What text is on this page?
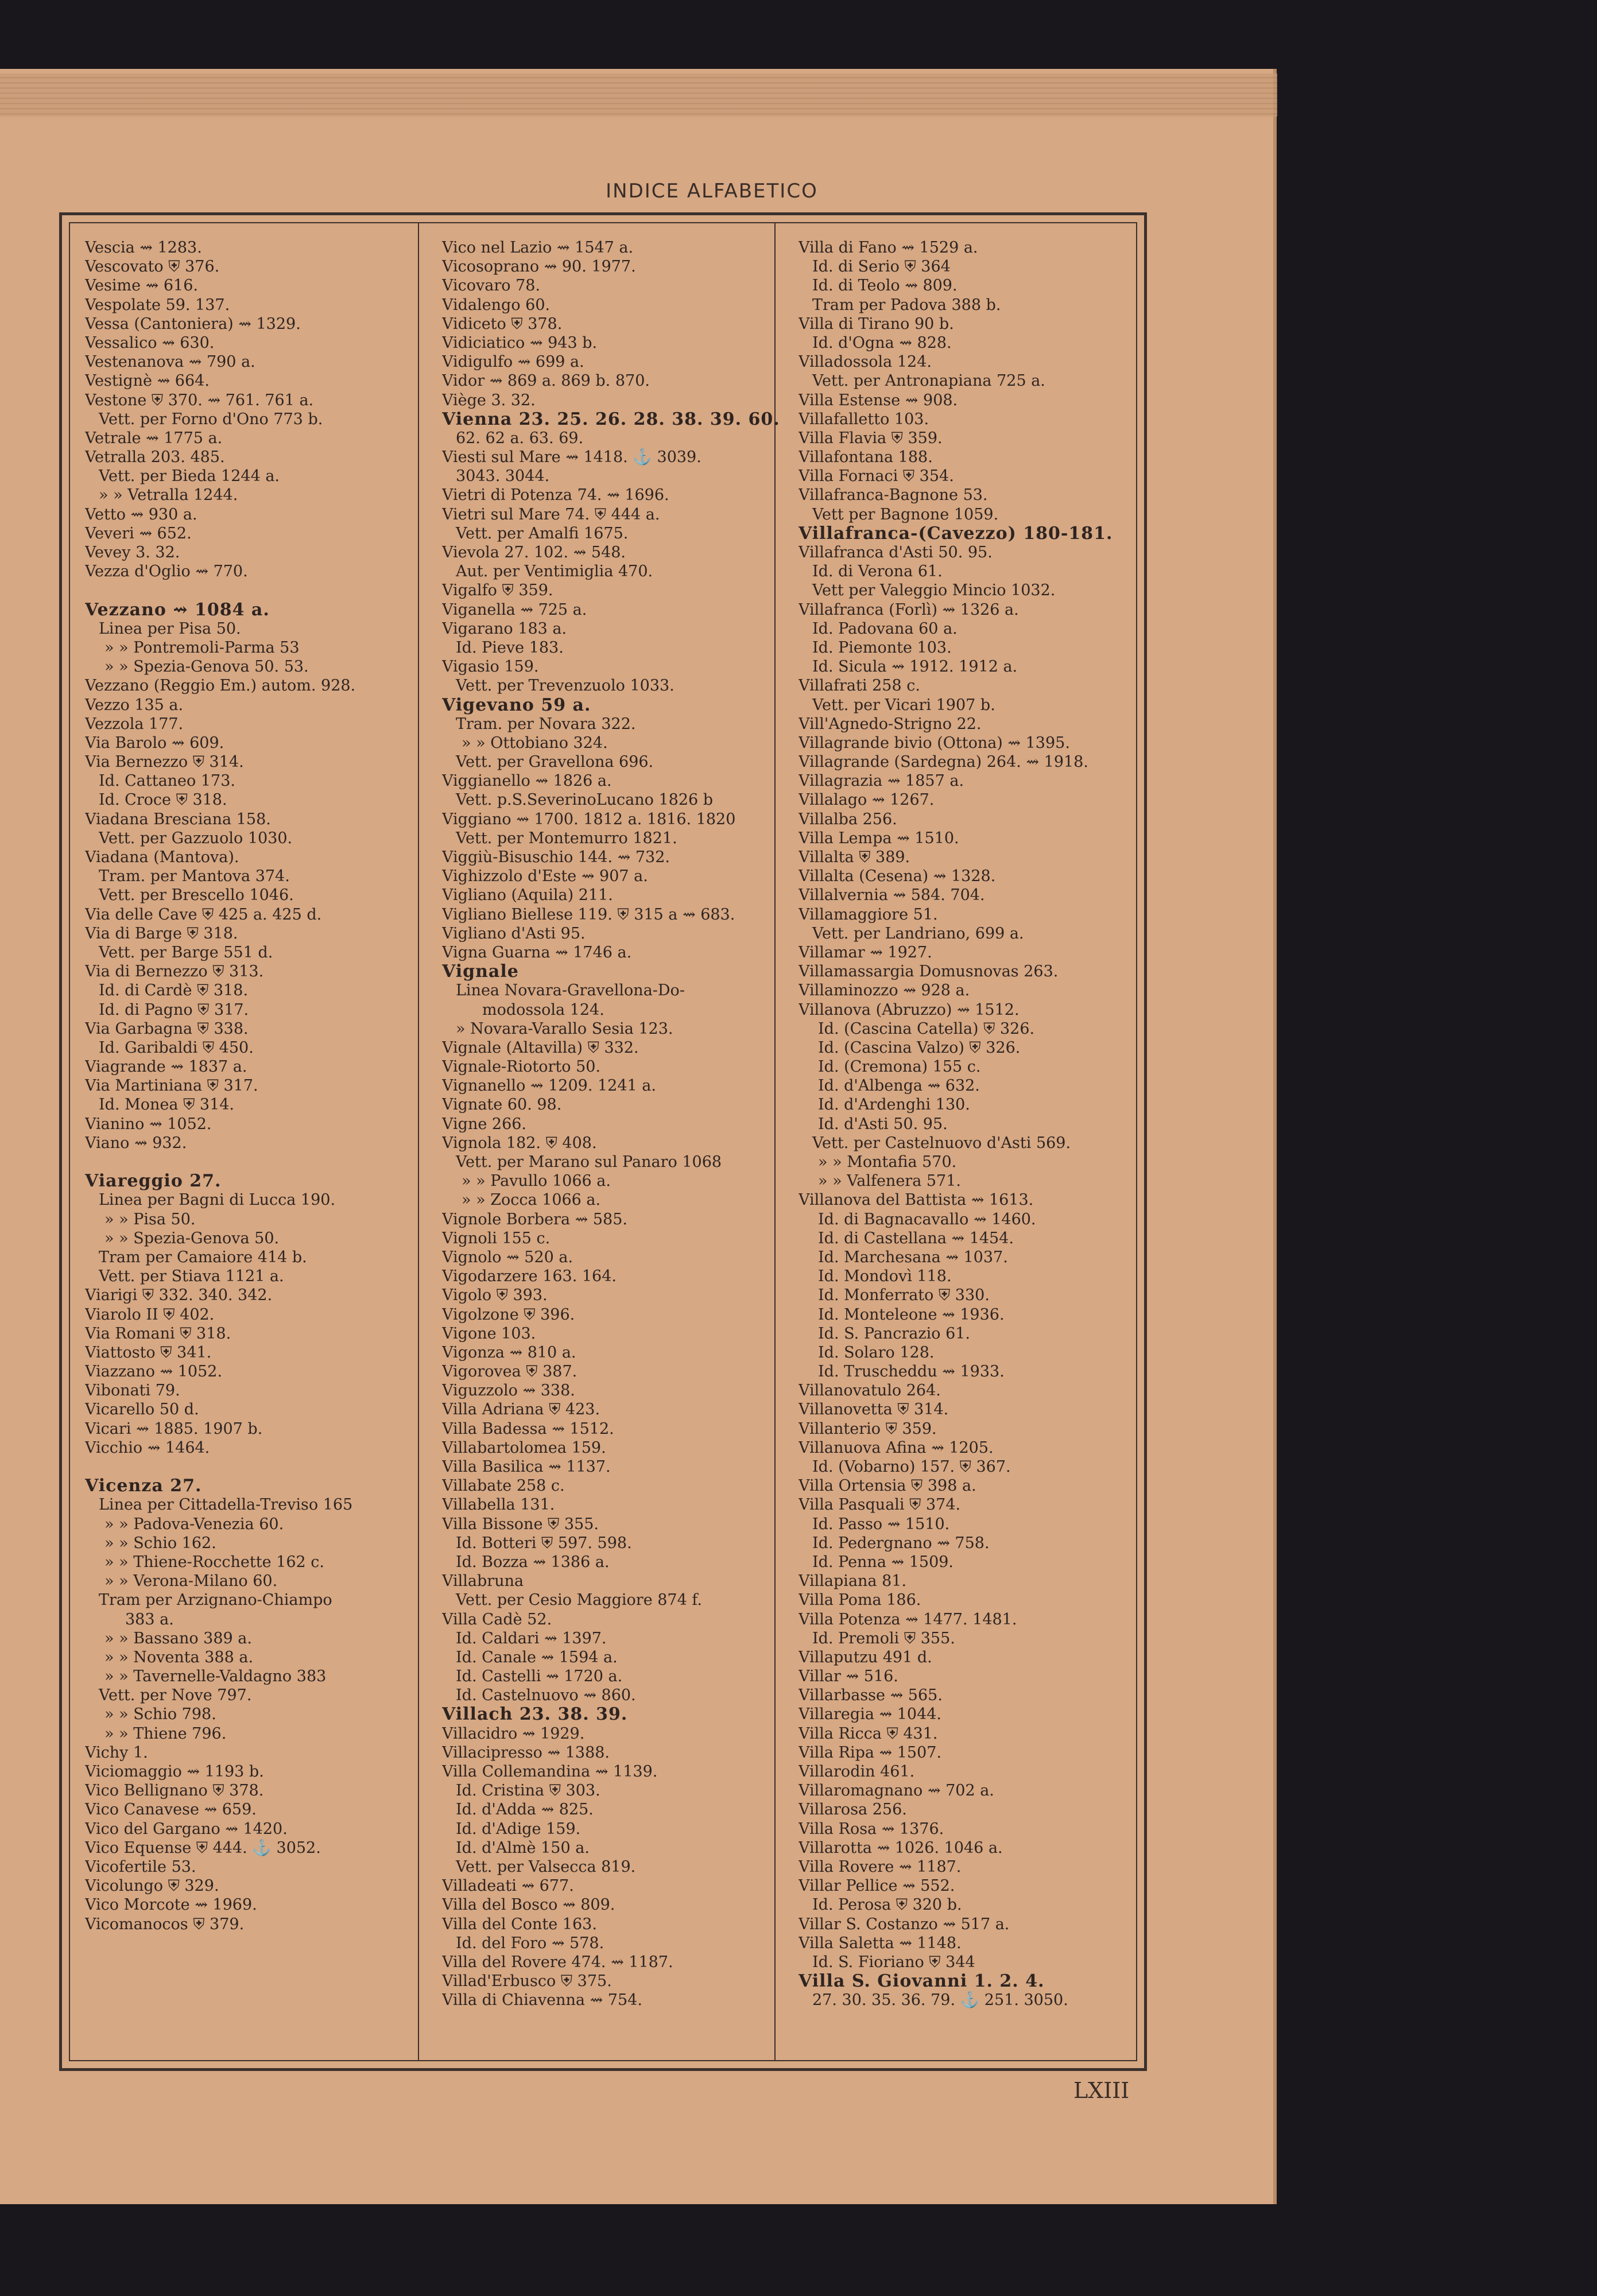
INDICE ALFABETICO
Vescia ⇝ 1283.
Vescovato ⛨ 376.
Vesime ⇝ 616.
Vespolate 59. 137.
Vessa (Cantoniera) ⇝ 1329.
Vessalico ⇝ 630.
Vestenanova ⇝ 790 a.
Vestignè ⇝ 664.
Vestone ⛨ 370. ⇝ 761. 761 a.
Vett. per Forno d'Ono 773 b.
Vetrale ⇝ 1775 a.
Vetralla 203. 485.
Vett. per Bieda 1244 a.
» » Vetralla 1244.
Vetto ⇝ 930 a.
Veveri ⇝ 652.
Vevey 3. 32.
Vezza d'Oglio ⇝ 770.
Vezzano ⇝ 1084 a.
Linea per Pisa 50.
» » Pontremoli-Parma 53
» » Spezia-Genova 50. 53.
Vezzano (Reggio Em.) autom. 928.
Vezzo 135 a.
Vezzola 177.
Via Barolo ⇝ 609.
Via Bernezzo ⛨ 314.
Id. Cattaneo 173.
Id. Croce ⛨ 318.
Viadana Bresciana 158.
Vett. per Gazzuolo 1030.
Viadana (Mantova).
Tram. per Mantova 374.
Vett. per Brescello 1046.
Via delle Cave ⛨ 425 a. 425 d.
Via di Barge ⛨ 318.
Vett. per Barge 551 d.
Via di Bernezzo ⛨ 313.
Id. di Cardè ⛨ 318.
Id. di Pagno ⛨ 317.
Via Garbagna ⛨ 338.
Id. Garibaldi ⛨ 450.
Viagrande ⇝ 1837 a.
Via Martiniana ⛨ 317.
Id. Monea ⛨ 314.
Vianino ⇝ 1052.
Viano ⇝ 932.
Viareggio 27.
Linea per Bagni di Lucca 190.
» » Pisa 50.
» » Spezia-Genova 50.
Tram per Camaiore 414 b.
Vett. per Stiava 1121 a.
Viarigi ⛨ 332. 340. 342.
Viarolo II ⛨ 402.
Via Romani ⛨ 318.
Viattosto ⛨ 341.
Viazzano ⇝ 1052.
Vibonati 79.
Vicarello 50 d.
Vicari ⇝ 1885. 1907 b.
Vicchio ⇝ 1464.
Vicenza 27.
Linea per Cittadella-Treviso 165
» » Padova-Venezia 60.
» » Schio 162.
» » Thiene-Rocchette 162 c.
» » Verona-Milano 60.
Tram per Arzignano-Chiampo
383 a.
» » Bassano 389 a.
» » Noventa 388 a.
» » Tavernelle-Valdagno 383
Vett. per Nove 797.
» » Schio 798.
» » Thiene 796.
Vichy 1.
Viciomaggio ⇝ 1193 b.
Vico Bellignano ⛨ 378.
Vico Canavese ⇝ 659.
Vico del Gargano ⇝ 1420.
Vico Equense ⛨ 444. ⚓ 3052.
Vicofertile 53.
Vicolungo ⛨ 329.
Vico Morcote ⇝ 1969.
Vicomanocos ⛨ 379.
Vico nel Lazio ⇝ 1547 a.
Vicosoprano ⇝ 90. 1977.
Vicovaro 78.
Vidalengo 60.
Vidiceto ⛨ 378.
Vidiciatico ⇝ 943 b.
Vidigulfo ⇝ 699 a.
Vidor ⇝ 869 a. 869 b. 870.
Viège 3. 32.
Vienna 23. 25. 26. 28. 38. 39. 60.
62. 62 a. 63. 69.
Viesti sul Mare ⇝ 1418. ⚓ 3039.
3043. 3044.
Vietri di Potenza 74. ⇝ 1696.
Vietri sul Mare 74. ⛨ 444 a.
Vett. per Amalfi 1675.
Vievola 27. 102. ⇝ 548.
Aut. per Ventimiglia 470.
Vigalfo ⛨ 359.
Viganella ⇝ 725 a.
Vigarano 183 a.
Id. Pieve 183.
Vigasio 159.
Vett. per Trevenzuolo 1033.
Vigevano 59 a.
Tram. per Novara 322.
» » Ottobiano 324.
Vett. per Gravellona 696.
Viggianello ⇝ 1826 a.
Vett. p.S.SeverinoLucano 1826 b
Viggiano ⇝ 1700. 1812 a. 1816. 1820
Vett. per Montemurro 1821.
Viggiù-Bisuschio 144. ⇝ 732.
Vighizzolo d'Este ⇝ 907 a.
Vigliano (Aquila) 211.
Vigliano Biellese 119. ⛨ 315 a ⇝ 683.
Vigliano d'Asti 95.
Vigna Guarna ⇝ 1746 a.
Vignale
Linea Novara-Gravellona-Do-
modossola 124.
» Novara-Varallo Sesia 123.
Vignale (Altavilla) ⛨ 332.
Vignale-Riotorto 50.
Vignanello ⇝ 1209. 1241 a.
Vignate 60. 98.
Vigne 266.
Vignola 182. ⛨ 408.
Vett. per Marano sul Panaro 1068
» » Pavullo 1066 a.
» » Zocca 1066 a.
Vignole Borbera ⇝ 585.
Vignoli 155 c.
Vignolo ⇝ 520 a.
Vigodarzere 163. 164.
Vigolo ⛨ 393.
Vigolzone ⛨ 396.
Vigone 103.
Vigonza ⇝ 810 a.
Vigorovea ⛨ 387.
Viguzzolo ⇝ 338.
Villa Adriana ⛨ 423.
Villa Badessa ⇝ 1512.
Villabartolomea 159.
Villa Basilica ⇝ 1137.
Villabate 258 c.
Villabella 131.
Villa Bissone ⛨ 355.
Id. Botteri ⛨ 597. 598.
Id. Bozza ⇝ 1386 a.
Villabruna
Vett. per Cesio Maggiore 874 f.
Villa Cadè 52.
Id. Caldari ⇝ 1397.
Id. Canale ⇝ 1594 a.
Id. Castelli ⇝ 1720 a.
Id. Castelnuovo ⇝ 860.
Villach 23. 38. 39.
Villacidro ⇝ 1929.
Villacipresso ⇝ 1388.
Villa Collemandina ⇝ 1139.
Id. Cristina ⛨ 303.
Id. d'Adda ⇝ 825.
Id. d'Adige 159.
Id. d'Almè 150 a.
Vett. per Valsecca 819.
Villadeati ⇝ 677.
Villa del Bosco ⇝ 809.
Villa del Conte 163.
Id. del Foro ⇝ 578.
Villa del Rovere 474. ⇝ 1187.
Villad'Erbusco ⛨ 375.
Villa di Chiavenna ⇝ 754.
Villa di Fano ⇝ 1529 a.
Id. di Serio ⛨ 364
Id. di Teolo ⇝ 809.
Tram per Padova 388 b.
Villa di Tirano 90 b.
Id. d'Ogna ⇝ 828.
Villadossola 124.
Vett. per Antronapiana 725 a.
Villa Estense ⇝ 908.
Villafalletto 103.
Villa Flavia ⛨ 359.
Villafontana 188.
Villa Fornaci ⛨ 354.
Villafranca-Bagnone 53.
Vett per Bagnone 1059.
Villafranca-(Cavezzo) 180-181.
Villafranca d'Asti 50. 95.
Id. di Verona 61.
Vett per Valeggio Mincio 1032.
Villafranca (Forlì) ⇝ 1326 a.
Id. Padovana 60 a.
Id. Piemonte 103.
Id. Sicula ⇝ 1912. 1912 a.
Villafrati 258 c.
Vett. per Vicari 1907 b.
Vill'Agnedo-Strigno 22.
Villagrande bivio (Ottona) ⇝ 1395.
Villagrande (Sardegna) 264. ⇝ 1918.
Villagrazia ⇝ 1857 a.
Villalago ⇝ 1267.
Villalba 256.
Villa Lempa ⇝ 1510.
Villalta ⛨ 389.
Villalta (Cesena) ⇝ 1328.
Villalvernia ⇝ 584. 704.
Villamaggiore 51.
Vett. per Landriano, 699 a.
Villamar ⇝ 1927.
Villamassargia Domusnovas 263.
Villaminozzo ⇝ 928 a.
Villanova (Abruzzo) ⇝ 1512.
Id. (Cascina Catella) ⛨ 326.
Id. (Cascina Valzo) ⛨ 326.
Id. (Cremona) 155 c.
Id. d'Albenga ⇝ 632.
Id. d'Ardenghi 130.
Id. d'Asti 50. 95.
Vett. per Castelnuovo d'Asti 569.
» » Montafia 570.
» » Valfenera 571.
Villanova del Battista ⇝ 1613.
Id. di Bagnacavallo ⇝ 1460.
Id. di Castellana ⇝ 1454.
Id. Marchesana ⇝ 1037.
Id. Mondovì 118.
Id. Monferrato ⛨ 330.
Id. Monteleone ⇝ 1936.
Id. S. Pancrazio 61.
Id. Solaro 128.
Id. Truscheddu ⇝ 1933.
Villanovatulo 264.
Villanovetta ⛨ 314.
Villanterio ⛨ 359.
Villanuova Afina ⇝ 1205.
Id. (Vobarno) 157. ⛨ 367.
Villa Ortensia ⛨ 398 a.
Villa Pasquali ⛨ 374.
Id. Passo ⇝ 1510.
Id. Pedergnano ⇝ 758.
Id. Penna ⇝ 1509.
Villapiana 81.
Villa Poma 186.
Villa Potenza ⇝ 1477. 1481.
Id. Premoli ⛨ 355.
Villaputzu 491 d.
Villar ⇝ 516.
Villarbasse ⇝ 565.
Villaregia ⇝ 1044.
Villa Ricca ⛨ 431.
Villa Ripa ⇝ 1507.
Villarodin 461.
Villaromagnano ⇝ 702 a.
Villarosa 256.
Villa Rosa ⇝ 1376.
Villarotta ⇝ 1026. 1046 a.
Villa Rovere ⇝ 1187.
Villar Pellice ⇝ 552.
Id. Perosa ⛨ 320 b.
Villar S. Costanzo ⇝ 517 a.
Villa Saletta ⇝ 1148.
Id. S. Fioriano ⛨ 344
Villa S. Giovanni 1. 2. 4.
27. 30. 35. 36. 79. ⚓ 251. 3050.
LXIII
